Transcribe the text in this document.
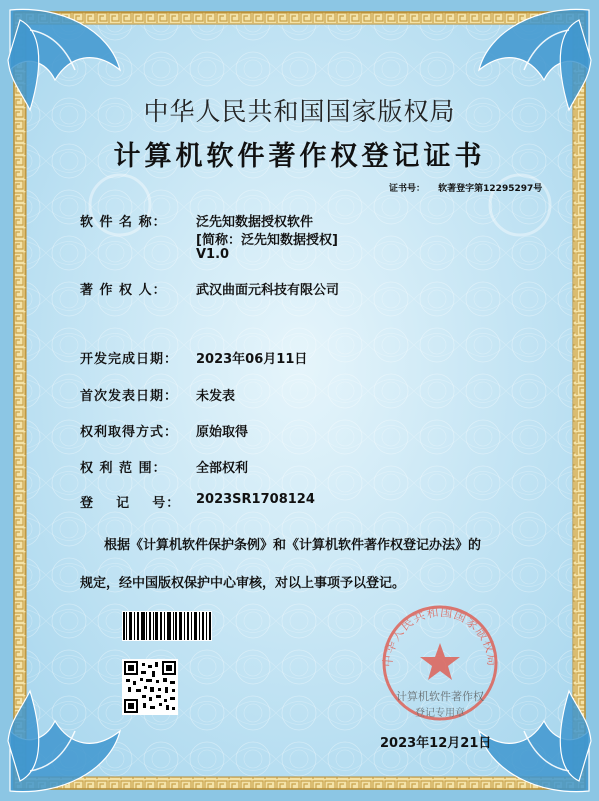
中华人民共和国国家版权局
计算机软件著作权登记证书
证书号： 软著登字第12295297号
软 件 名 称： 泛先知数据授权软件
[简称：泛先知数据授权]
V1.0
著 作 权 人： 武汉曲面元科技有限公司
开发完成日期： 2023年06月11日
首次发表日期： 未发表
权利取得方式： 原始取得
权 利 范 围： 全部权利
登    记    号： 2023SR1708124
根据《计算机软件保护条例》和《计算机软件著作权登记办法》的
规定，经中国版权保护中心审核，对以上事项予以登记。
中华人民共和国国家版权局
计算机软件著作权
登记专用章
2023年12月21日
